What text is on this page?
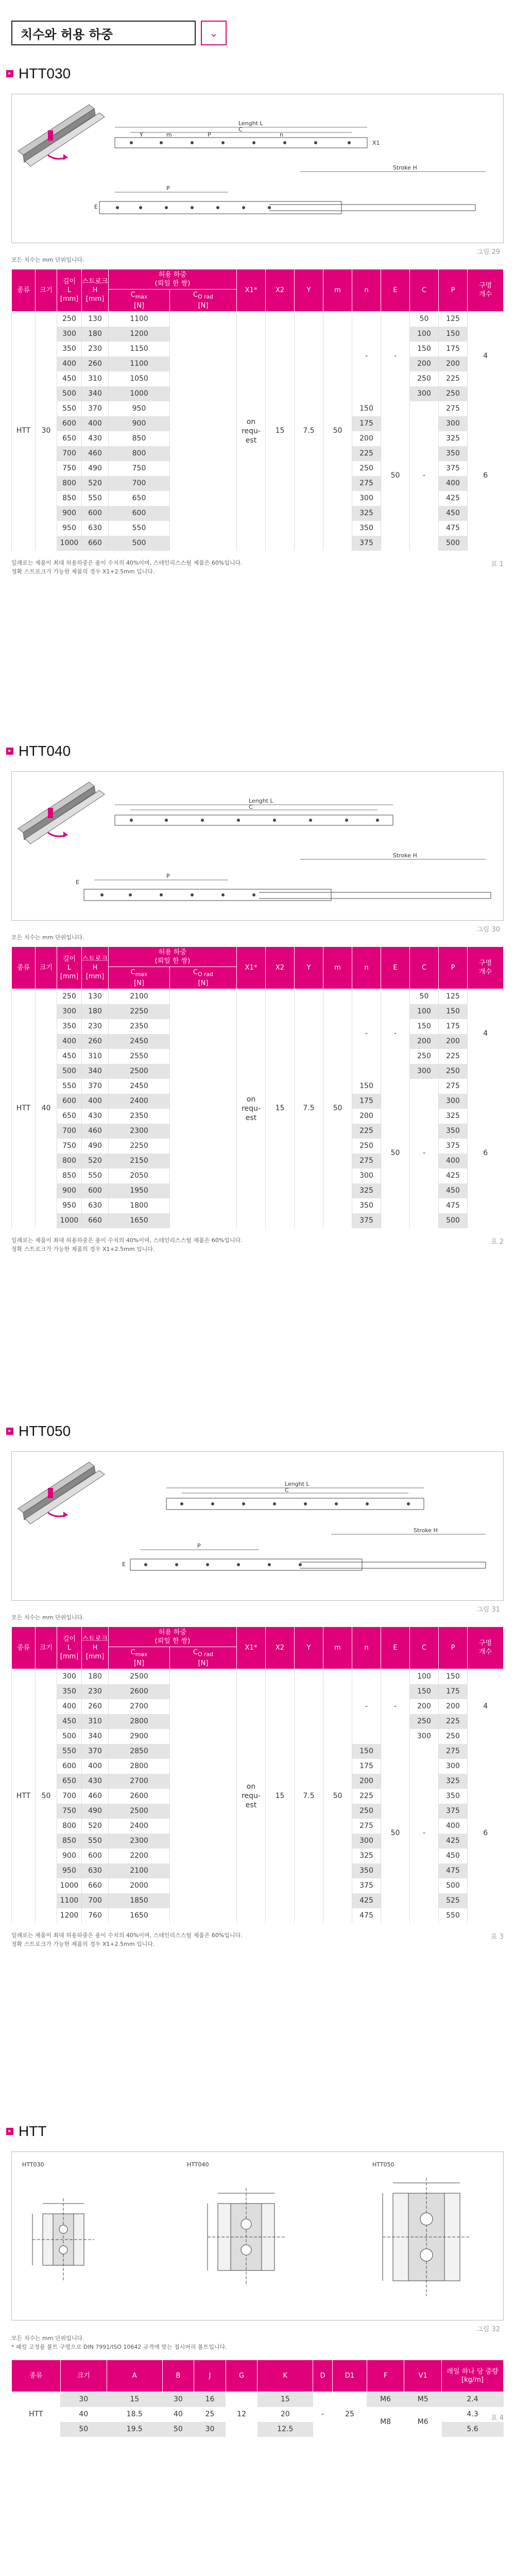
치수와 허용 하중	⌄
▸ HTT030
Lenght L
C
Y	m	n
P
X1
Stroke H
P
E
그림 29
모든 치수는 mm 단위입니다.
종류	크기	길이
L
[mm]	스트로크
H
[mm]	허용 하중
(뢰일 한 쌍)		X1*	X2	Y	m	n	E	C	P	구멍
개수
				$C_{max}$
[N]	$C_{O rad}$
[N]									
HTT	30	250	130	1100		on
requ-
est	15	7.5	50	-	-	50	125	4
		300	180	1200								100	150	
		350	230	1150								150	175	
		400	260	1100								200	200	
		450	310	1050								250	225	
		500	340	1000								300	250	
		550	370	950						150	50	-	275	6
		600	400	900						175			300	
		650	430	850						200			325	
		700	460	800						225			350	
		750	490	750						250			375	
		800	520	700						275			400	
		850	550	650						300			425	
		900	600	600						325			450	
		950	630	550						350			475	
		1000	660	500						375			500	
일례로는 제품이 최대 허용하중은 용이 수치의 40%이며, 스테인리스스틸 제품은 60%입니다.
정확 스트로크가 가능한 제품의 경우 X1+2.5mm 입니다.
표 1
▸ HTT040
Lenght L
C
Stroke H
P
E
그림 30
모든 치수는 mm 단위입니다.
종류	크기	길이
L
[mm]	스트로크
H
[mm]	허용 하중
(뢰일 한 쌍)		X1*	X2	Y	m	n	E	C	P	구멍
개수
				$C_{max}$
[N]	$C_{O rad}$
[N]									
HTT	40	250	130	2100		on
requ-
est	15	7.5	50	-	-	50	125	4
		300	180	2250								100	150	
		350	230	2350								150	175	
		400	260	2450								200	200	
		450	310	2550								250	225	
		500	340	2500								300	250	
		550	370	2450						150	50	-	275	6
		600	400	2400						175			300	
		650	430	2350						200			325	
		700	460	2300						225			350	
		750	490	2250						250			375	
		800	520	2150						275			400	
		850	550	2050						300			425	
		900	600	1950						325			450	
		950	630	1800						350			475	
		1000	660	1650						375			500	
일례로는 제품이 최대 허용하중은 용이 수치의 40%이며, 스테인리스스틸 제품은 60%입니다.
정확 스트로크가 가능한 제품의 경우 X1+2.5mm 입니다.
표 2
▸ HTT050
Lenght L
C
Stroke H
P
E
그림 31
모든 치수는 mm 단위입니다.
종류	크기	길이
L
[mm]	스트로크
H
[mm]	허용 하중
(뢰일 한 쌍)		X1*	X2	Y	m	n	E	C	P	구멍
개수
				$C_{max}$
[N]	$C_{O rad}$
[N]									
HTT	50	300	180	2500		on
requ-
est	15	7.5	50	-	-	100	150	4
		350	230	2600								150	175	
		400	260	2700								200	200	
		450	310	2800								250	225	
		500	340	2900								300	250	
		550	370	2850						150	50	-	275	6
		600	400	2800						175			300	
		650	430	2700						200			325	
		700	460	2600						225			350	
		750	490	2500						250			375	
		800	520	2400						275			400	
		850	550	2300						300			425	
		900	600	2200						325			450	
		950	630	2100						350			475	
		1000	660	2000						375			500	
		1100	700	1850						425			525	
		1200	760	1650						475			550	
일례로는 제품이 최대 허용하중은 용이 수치의 40%이며, 스테인리스스틸 제품은 60%입니다.
정확 스트로크가 가능한 제품의 경우 X1+2.5mm 입니다.
표 3
▸ HTT
HTT030	HTT040	HTT050
그림 32
모든 치수는 mm 단위입니다.
* 패킹 고정용 볼트 구멍으로 DIN 7991/ISO 10642 규격에 맞는 접시머리 볼트입니다.
종류	크기	A	B	J	G	K	D	D1	F	V1	레일 하나 당 중량
[kg/m]
HTT	30	15	30	16	12	15	-	25	M6	M5	2.4
	40	18.5	40	25		20			M8	M6	4.3
	50	19.5	50	30		12.5					5.6
표 4
